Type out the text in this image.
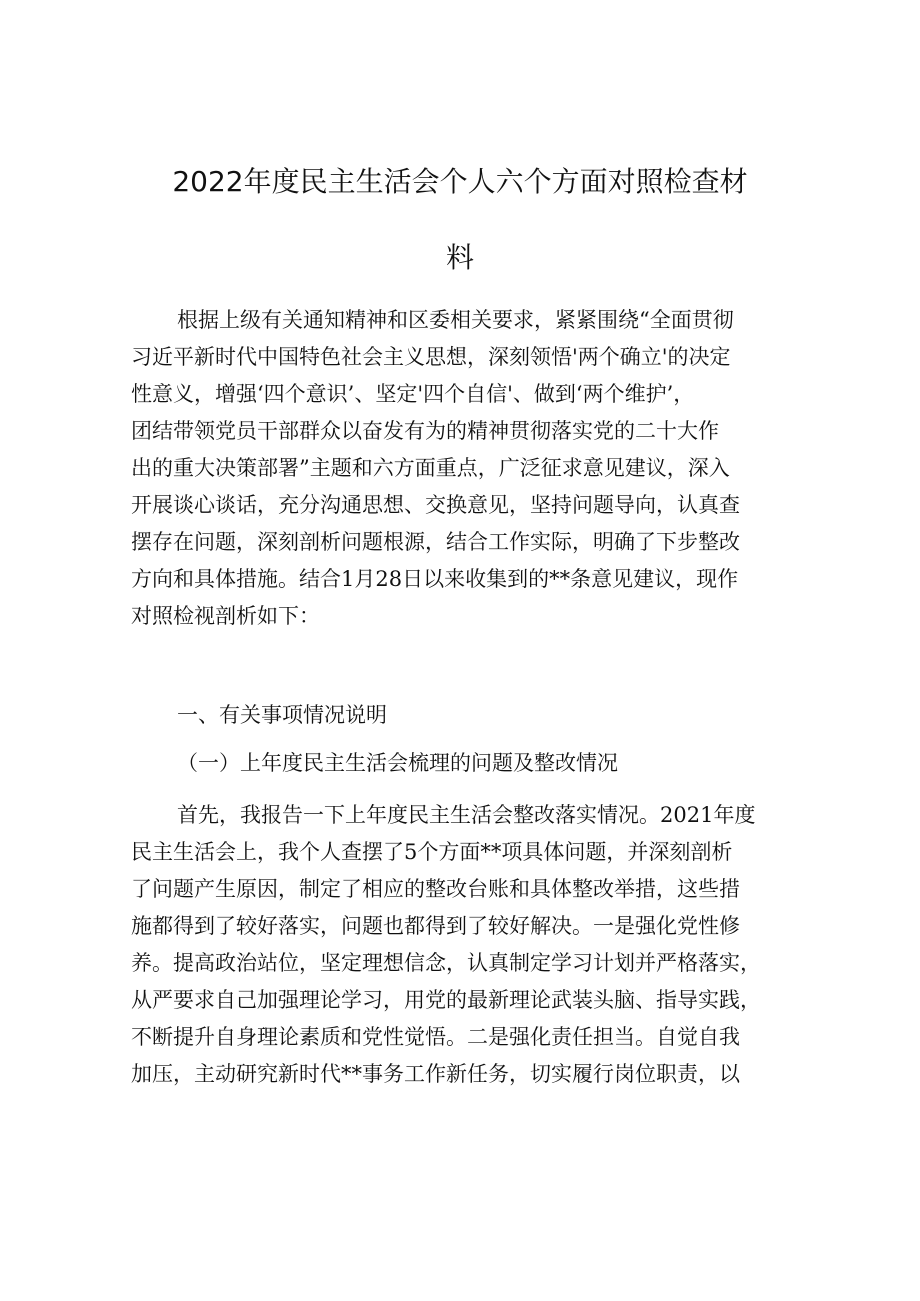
2022年度民主生活会个人六个方面对照检查材
料
根据上级有关通知精神和区委相关要求，紧紧围绕“全面贯彻
习近平新时代中国特色社会主义思想，深刻领悟'两个确立'的决定
性意义，增强‘四个意识’、坚定'四个自信'、做到‘两个维护’，
团结带领党员干部群众以奋发有为的精神贯彻落实党的二十大作
出的重大决策部署”主题和六方面重点，广泛征求意见建议，深入
开展谈心谈话，充分沟通思想、交换意见，坚持问题导向，认真查
摆存在问题，深刻剖析问题根源，结合工作实际，明确了下步整改
方向和具体措施。结合1月28日以来收集到的**条意见建议，现作
对照检视剖析如下：
一、有关事项情况说明
（一）上年度民主生活会梳理的问题及整改情况
首先，我报告一下上年度民主生活会整改落实情况。2021年度
民主生活会上，我个人查摆了5个方面**项具体问题，并深刻剖析
了问题产生原因，制定了相应的整改台账和具体整改举措，这些措
施都得到了较好落实，问题也都得到了较好解决。一是强化党性修
养。提高政治站位，坚定理想信念，认真制定学习计划并严格落实，
从严要求自己加强理论学习，用党的最新理论武装头脑、指导实践，
不断提升自身理论素质和党性觉悟。二是强化责任担当。自觉自我
加压，主动研究新时代**事务工作新任务，切实履行岗位职责，以
